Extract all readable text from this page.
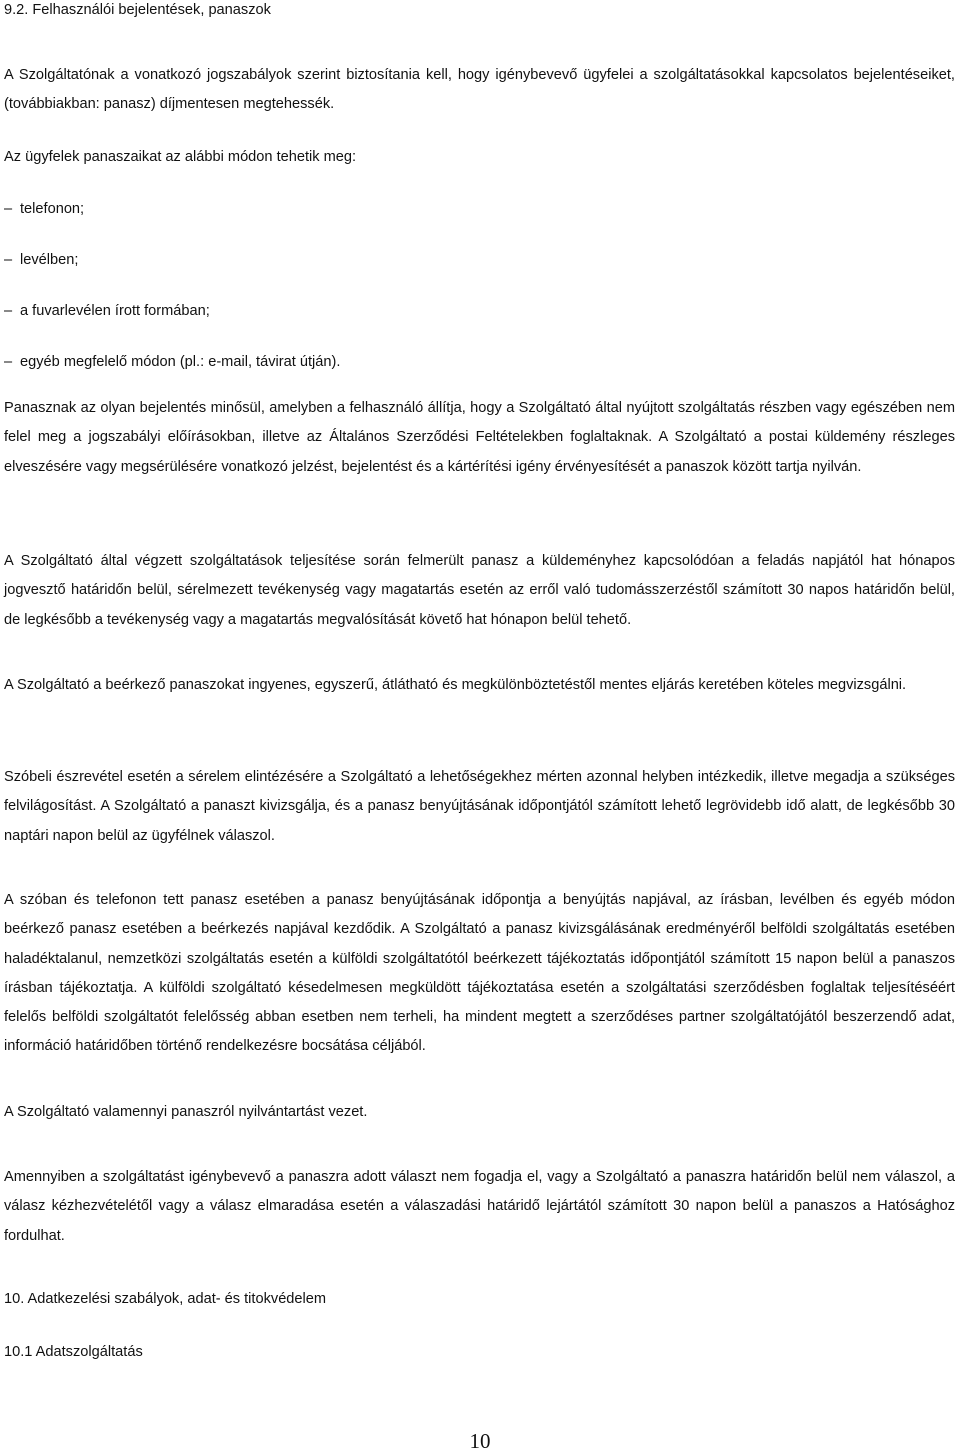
9.2. Felhasználói bejelentések, panaszok

A Szolgáltatónak a vonatkozó jogszabályok szerint biztosítania kell, hogy igénybevevő ügyfelei a szolgáltatásokkal kapcsolatos bejelentéseiket, (továbbiakban: panasz) díjmentesen megtehessék.

Az ügyfelek panaszaikat az alábbi módon tehetik meg:

– telefonon;
– levélben;
– a fuvarlevélen írott formában;
– egyéb megfelelő módon (pl.: e-mail, távirat útján).

Panasznak az olyan bejelentés minősül, amelyben a felhasználó állítja, hogy a Szolgáltató által nyújtott szolgáltatás részben vagy egészében nem felel meg a jogszabályi előírásokban, illetve az Általános Szerződési Feltételekben foglaltaknak. A Szolgáltató a postai küldemény részleges elveszésére vagy megsérülésére vonatkozó jelzést, bejelentést és a kártérítési igény érvényesítését a panaszok között tartja nyilván.

A Szolgáltató által végzett szolgáltatások teljesítése során felmerült panasz a küldeményhez kapcsolódóan a feladás napjától hat hónapos jogvesztő határidőn belül, sérelmezett tevékenység vagy magatartás esetén az erről való tudomásszerzéstől számított 30 napos határidőn belül, de legkésőbb a tevékenység vagy a magatartás megvalósítását követő hat hónapon belül tehető.

A Szolgáltató a beérkező panaszokat ingyenes, egyszerű, átlátható és megkülönböztetéstől mentes eljárás keretében köteles megvizsgálni.

Szóbeli észrevétel esetén a sérelem elintézésére a Szolgáltató a lehetőségekhez mérten azonnal helyben intézkedik, illetve megadja a szükséges felvilágosítást. A Szolgáltató a panaszt kivizsgálja, és a panasz benyújtásának időpontjától számított lehető legrövidebb idő alatt, de legkésőbb 30 naptári napon belül az ügyfélnek válaszol.

A szóban és telefonon tett panasz esetében a panasz benyújtásának időpontja a benyújtás napjával, az írásban, levélben és egyéb módon beérkező panasz esetében a beérkezés napjával kezdődik. A Szolgáltató a panasz kivizsgálásának eredményéről belföldi szolgáltatás esetében haladéktalanul, nemzetközi szolgáltatás esetén a külföldi szolgáltatótól beérkezett tájékoztatás időpontjától számított 15 napon belül a panaszos írásban tájékoztatja. A külföldi szolgáltató késedelmesen megküldött tájékoztatása esetén a szolgáltatási szerződésben foglaltak teljesítéséért felelős belföldi szolgáltatót felelősség abban esetben nem terheli, ha mindent megtett a szerződéses partner szolgáltatójától beszerzendő adat, információ határidőben történő rendelkezésre bocsátása céljából.

A Szolgáltató valamennyi panaszról nyilvántartást vezet.

Amennyiben a szolgáltatást igénybevevő a panaszra adott választ nem fogadja el, vagy a Szolgáltató a panaszra határidőn belül nem válaszol, a válasz kézhezvételétől vagy a válasz elmaradása esetén a válaszadási határidő lejártától számított 30 napon belül a panaszos a Hatósághoz fordulhat.

10. Adatkezelési szabályok, adat- és titokvédelem
10.1 Adatszolgáltatás
10
